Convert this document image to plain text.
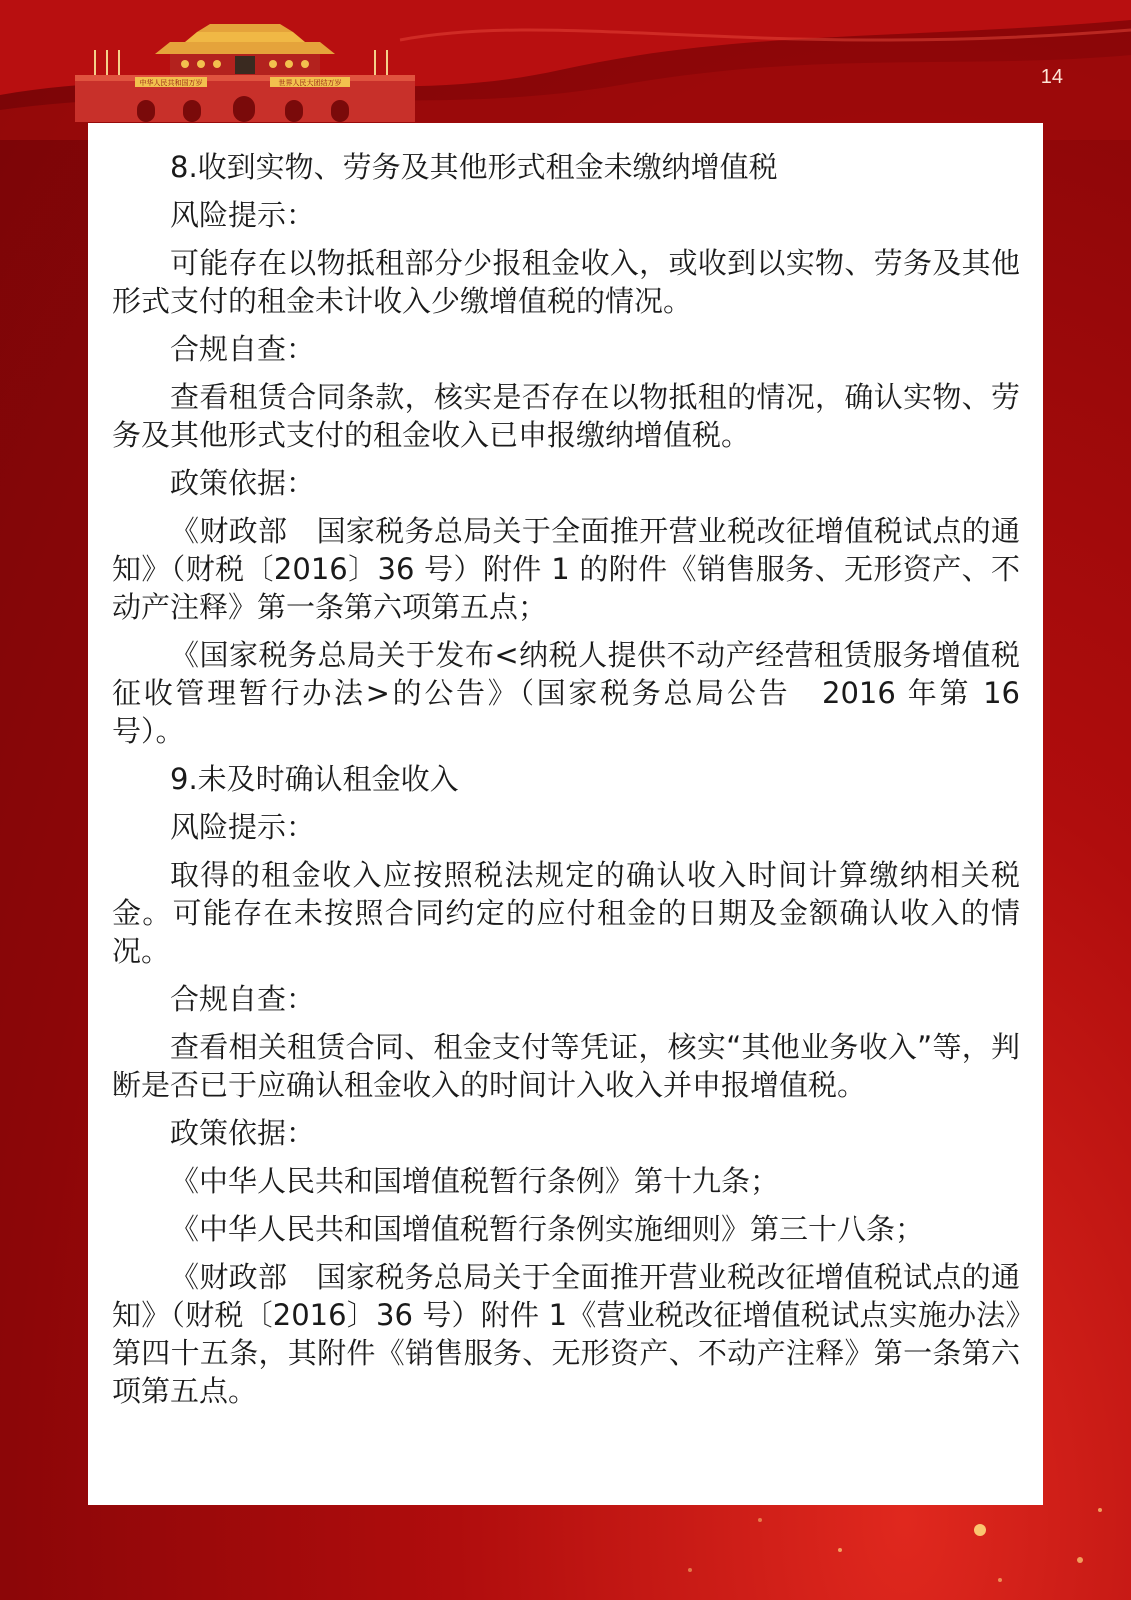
中华人民共和国万岁	世界人民大团结万岁	14

8.收到实物、劳务及其他形式租金未缴纳增值税

风险提示：

可能存在以物抵租部分少报租金收入，或收到以实物、劳务及其他形式支付的租金未计收入少缴增值税的情况。

合规自查：

查看租赁合同条款，核实是否存在以物抵租的情况，确认实物、劳务及其他形式支付的租金收入已申报缴纳增值税。

政策依据：

《财政部　国家税务总局关于全面推开营业税改征增值税试点的通知》（财税〔2016〕36 号）附件 1 的附件《销售服务、无形资产、不动产注释》第一条第六项第五点；

《国家税务总局关于发布<纳税人提供不动产经营租赁服务增值税征收管理暂行办法>的公告》（国家税务总局公告　2016 年第 16 号）。

9.未及时确认租金收入

风险提示：

取得的租金收入应按照税法规定的确认收入时间计算缴纳相关税金。可能存在未按照合同约定的应付租金的日期及金额确认收入的情况。

合规自查：

查看相关租赁合同、租金支付等凭证，核实“其他业务收入”等，判断是否已于应确认租金收入的时间计入收入并申报增值税。

政策依据：

《中华人民共和国增值税暂行条例》第十九条；

《中华人民共和国增值税暂行条例实施细则》第三十八条；

《财政部　国家税务总局关于全面推开营业税改征增值税试点的通知》（财税〔2016〕36 号）附件 1《营业税改征增值税试点实施办法》第四十五条，其附件《销售服务、无形资产、不动产注释》第一条第六项第五点。
